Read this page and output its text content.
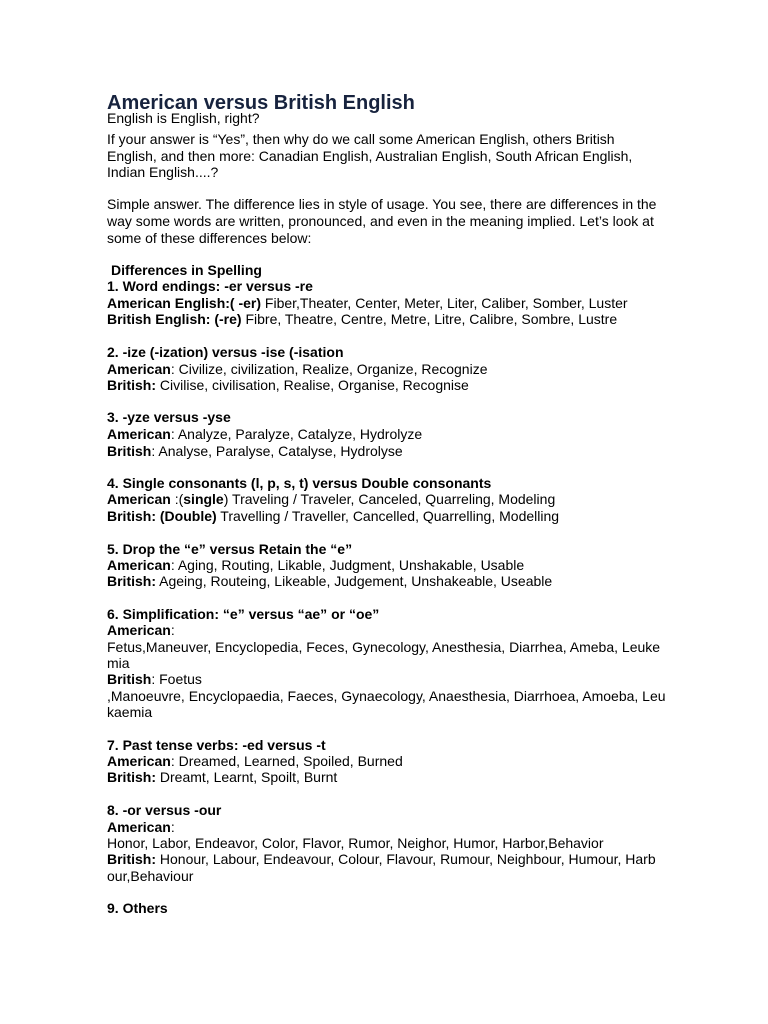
American versus British English

English is English, right?

If your answer is “Yes”, then why do we call some American English, others British

English, and then more: Canadian English, Australian English, South African English,

Indian English....?

Simple answer. The difference lies in style of usage. You see, there are differences in the

way some words are written, pronounced, and even in the meaning implied. Let’s look at

some of these differences below:

Differences in Spelling

1. Word endings: -er versus -re

American English:( -er) Fiber,Theater, Center, Meter, Liter, Caliber, Somber, Luster

British English: (-re) Fibre, Theatre, Centre, Metre, Litre, Calibre, Sombre, Lustre

2. -ize (-ization) versus -ise (-isation

American: Civilize, civilization, Realize, Organize, Recognize

British: Civilise, civilisation, Realise, Organise, Recognise

3. -yze versus -yse

American: Analyze, Paralyze, Catalyze, Hydrolyze

British: Analyse, Paralyse, Catalyse, Hydrolyse

4. Single consonants (l, p, s, t) versus Double consonants

American :(single) Traveling / Traveler, Canceled, Quarreling, Modeling

British: (Double) Travelling / Traveller, Cancelled, Quarrelling, Modelling

5. Drop the “e” versus Retain the “e”

American: Aging, Routing, Likable, Judgment, Unshakable, Usable

British: Ageing, Routeing, Likeable, Judgement, Unshakeable, Useable

6. Simplification: “e” versus “ae” or “oe”

American:

Fetus,Maneuver, Encyclopedia, Feces, Gynecology, Anesthesia, Diarrhea, Ameba, Leuke

mia

British: Foetus

,Manoeuvre, Encyclopaedia, Faeces, Gynaecology, Anaesthesia, Diarrhoea, Amoeba, Leu

kaemia

7. Past tense verbs: -ed versus -t

American: Dreamed, Learned, Spoiled, Burned

British: Dreamt, Learnt, Spoilt, Burnt

8. -or versus -our

American:

Honor, Labor, Endeavor, Color, Flavor, Rumor, Neighor, Humor, Harbor,Behavior

British: Honour, Labour, Endeavour, Colour, Flavour, Rumour, Neighbour, Humour, Harb

our,Behaviour

9. Others
